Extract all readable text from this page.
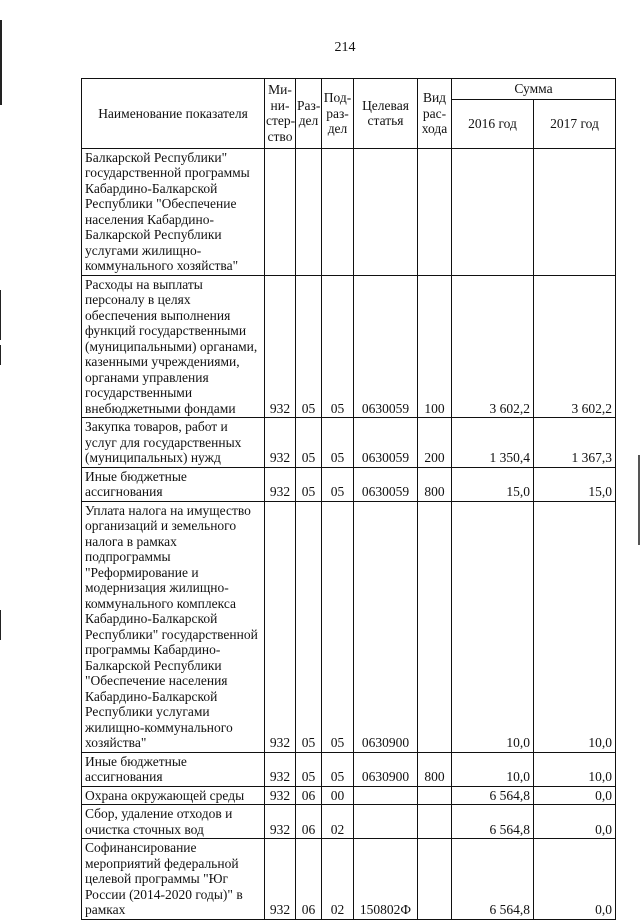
214
Наименование показателя	Ми-ни-стер-ство	Раз-дел	Под-раз-дел	Целевая статья	Вид рас-хода	Сумма	
						2016 год	2017 год
Балкарской Республики" государственной программы Кабардино-Балкарской Республики "Обеспечение населения Кабардино-Балкарской Республики услугами жилищно-коммунального хозяйства"							
Расходы на выплаты персоналу в целях обеспечения выполнения функций государственными (муниципальными) органами, казенными учреждениями, органами управления государственными внебюджетными фондами	932	05	05	0630059	100	3 602,2	3 602,2
Закупка товаров, работ и услуг для государственных (муниципальных) нужд	932	05	05	0630059	200	1 350,4	1 367,3
Иные бюджетные ассигнования	932	05	05	0630059	800	15,0	15,0
Уплата налога на имущество организаций и земельного налога в рамках подпрограммы "Реформирование и модернизация жилищно-коммунального комплекса Кабардино-Балкарской Республики" государственной программы Кабардино-Балкарской Республики "Обеспечение населения Кабардино-Балкарской Республики услугами жилищно-коммунального хозяйства"	932	05	05	0630900		10,0	10,0
Иные бюджетные ассигнования	932	05	05	0630900	800	10,0	10,0
Охрана окружающей среды	932	06	00			6 564,8	0,0
Сбор, удаление отходов и очистка сточных вод	932	06	02			6 564,8	0,0
Софинансирование мероприятий федеральной целевой программы "Юг России (2014-2020 годы)" в рамках	932	06	02	150802Ф		6 564,8	0,0
